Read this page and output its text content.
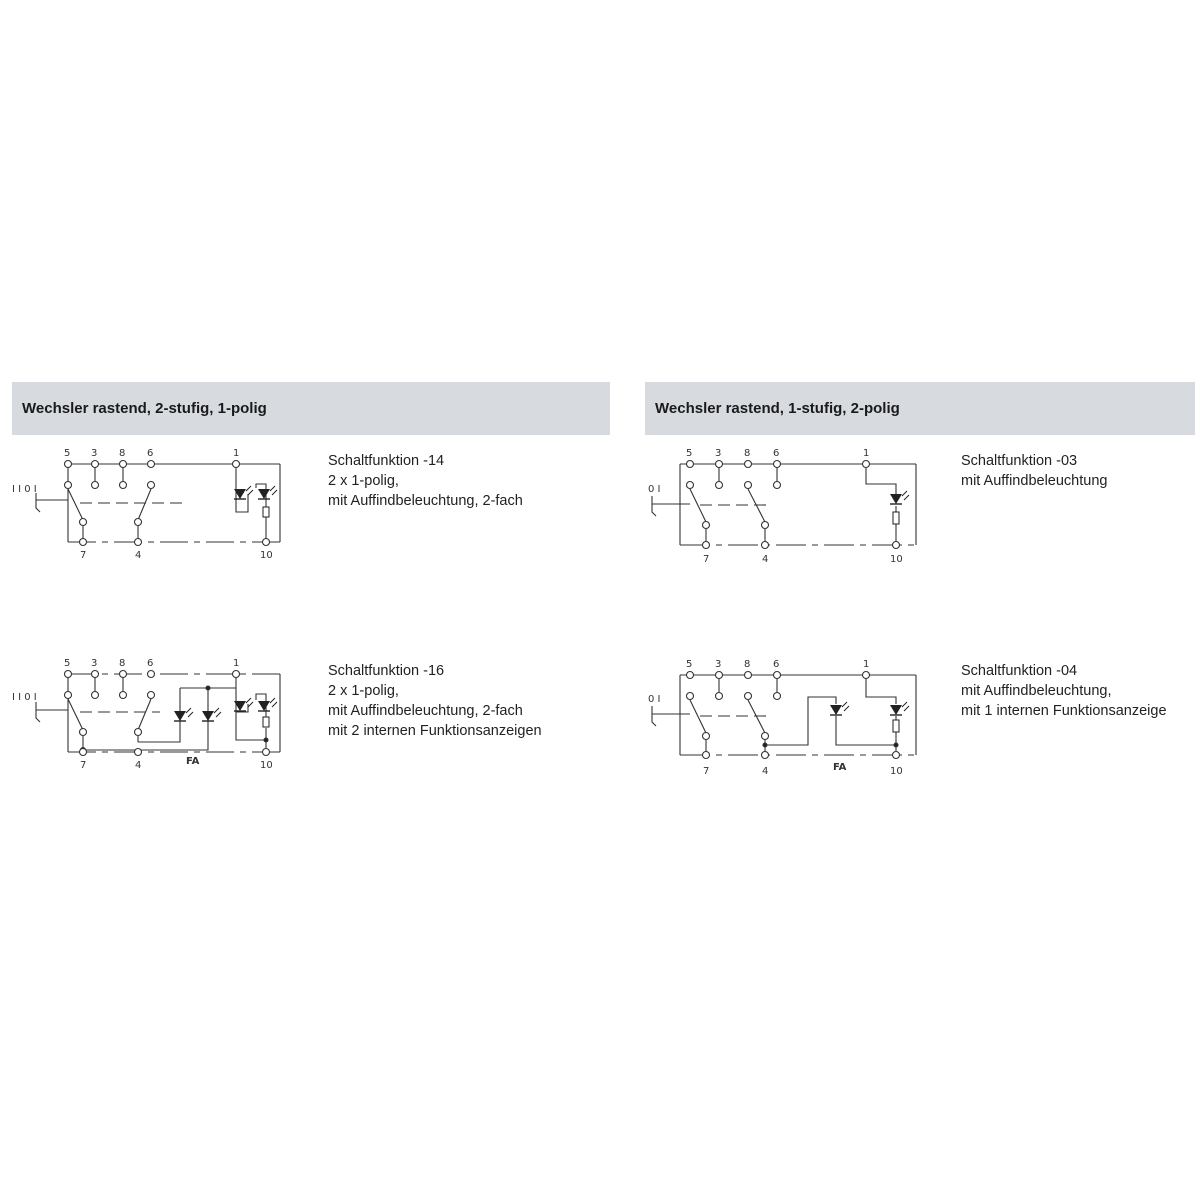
Wechsler rastend, 2-stufig, 1-polig	Wechsler rastend, 1-stufig, 2-polig
Schaltfunktion -14
2 x 1-polig,
mit Auffindbeleuchtung, 2-fach
Schaltfunktion -16
2 x 1-polig,
mit Auffindbeleuchtung, 2-fach
mit 2 internen Funktionsanzeigen
Schaltfunktion -03
mit Auffindbeleuchtung
Schaltfunktion -04
mit Auffindbeleuchtung,
mit 1 internen Funktionsanzeige
I I 0 I
5 3 8 6	1
7	4	10
I I 0 I
5 3 8 6	1
7	4	FA	10
0 I
5 3 8 6	1
7	4	10
0 I
5 3 8 6	1
7	4	FA	10
